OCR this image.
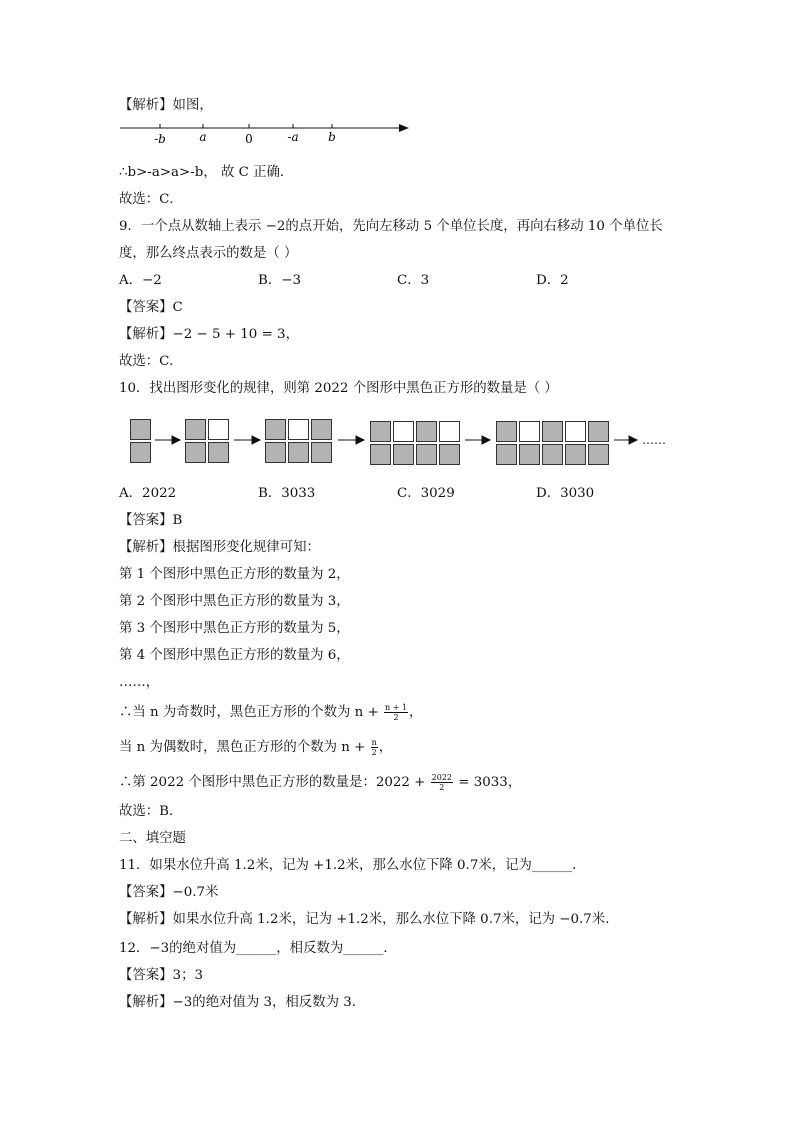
【解析】如图，
-b	a	0	-a b
∴b>-a>a>-b， 故 C 正确．
故选：C．
9．一个点从数轴上表示 −2的点开始，先向左移动 5 个单位长度，再向右移动 10 个单位长
度，那么终点表示的数是（ ）
A．−2	B．−3	C．3	D．2
【答案】C
【解析】−2 − 5 + 10 = 3，
故选：C.
10．找出图形变化的规律，则第 2022 个图形中黑色正方形的数量是（ ）
……
A．2022	B．3033	C．3029	D．3030
【答案】B
【解析】根据图形变化规律可知：
第 1 个图形中黑色正方形的数量为 2，
第 2 个图形中黑色正方形的数量为 3，
第 3 个图形中黑色正方形的数量为 5，
第 4 个图形中黑色正方形的数量为 6，
……，
∴当 n 为奇数时，黑色正方形的个数为 $n + \frac{n + 1}{2}$ ，
当 n 为偶数时，黑色正方形的个数为 $n + \frac{n}{2}$ ，
∴第 2022 个图形中黑色正方形的数量是：$2022 + \frac{2022}{2} = 3033$，
故选：B．
二、填空题
11．如果水位升高 1.2米，记为 +1.2米，那么水位下降 0.7米，记为______．
【答案】−0.7米
【解析】如果水位升高 1.2米，记为 +1.2米，那么水位下降 0.7米，记为 −0.7米.
12．−3的绝对值为______，相反数为______．
【答案】3；3
【解析】−3的绝对值为 3，相反数为 3．
